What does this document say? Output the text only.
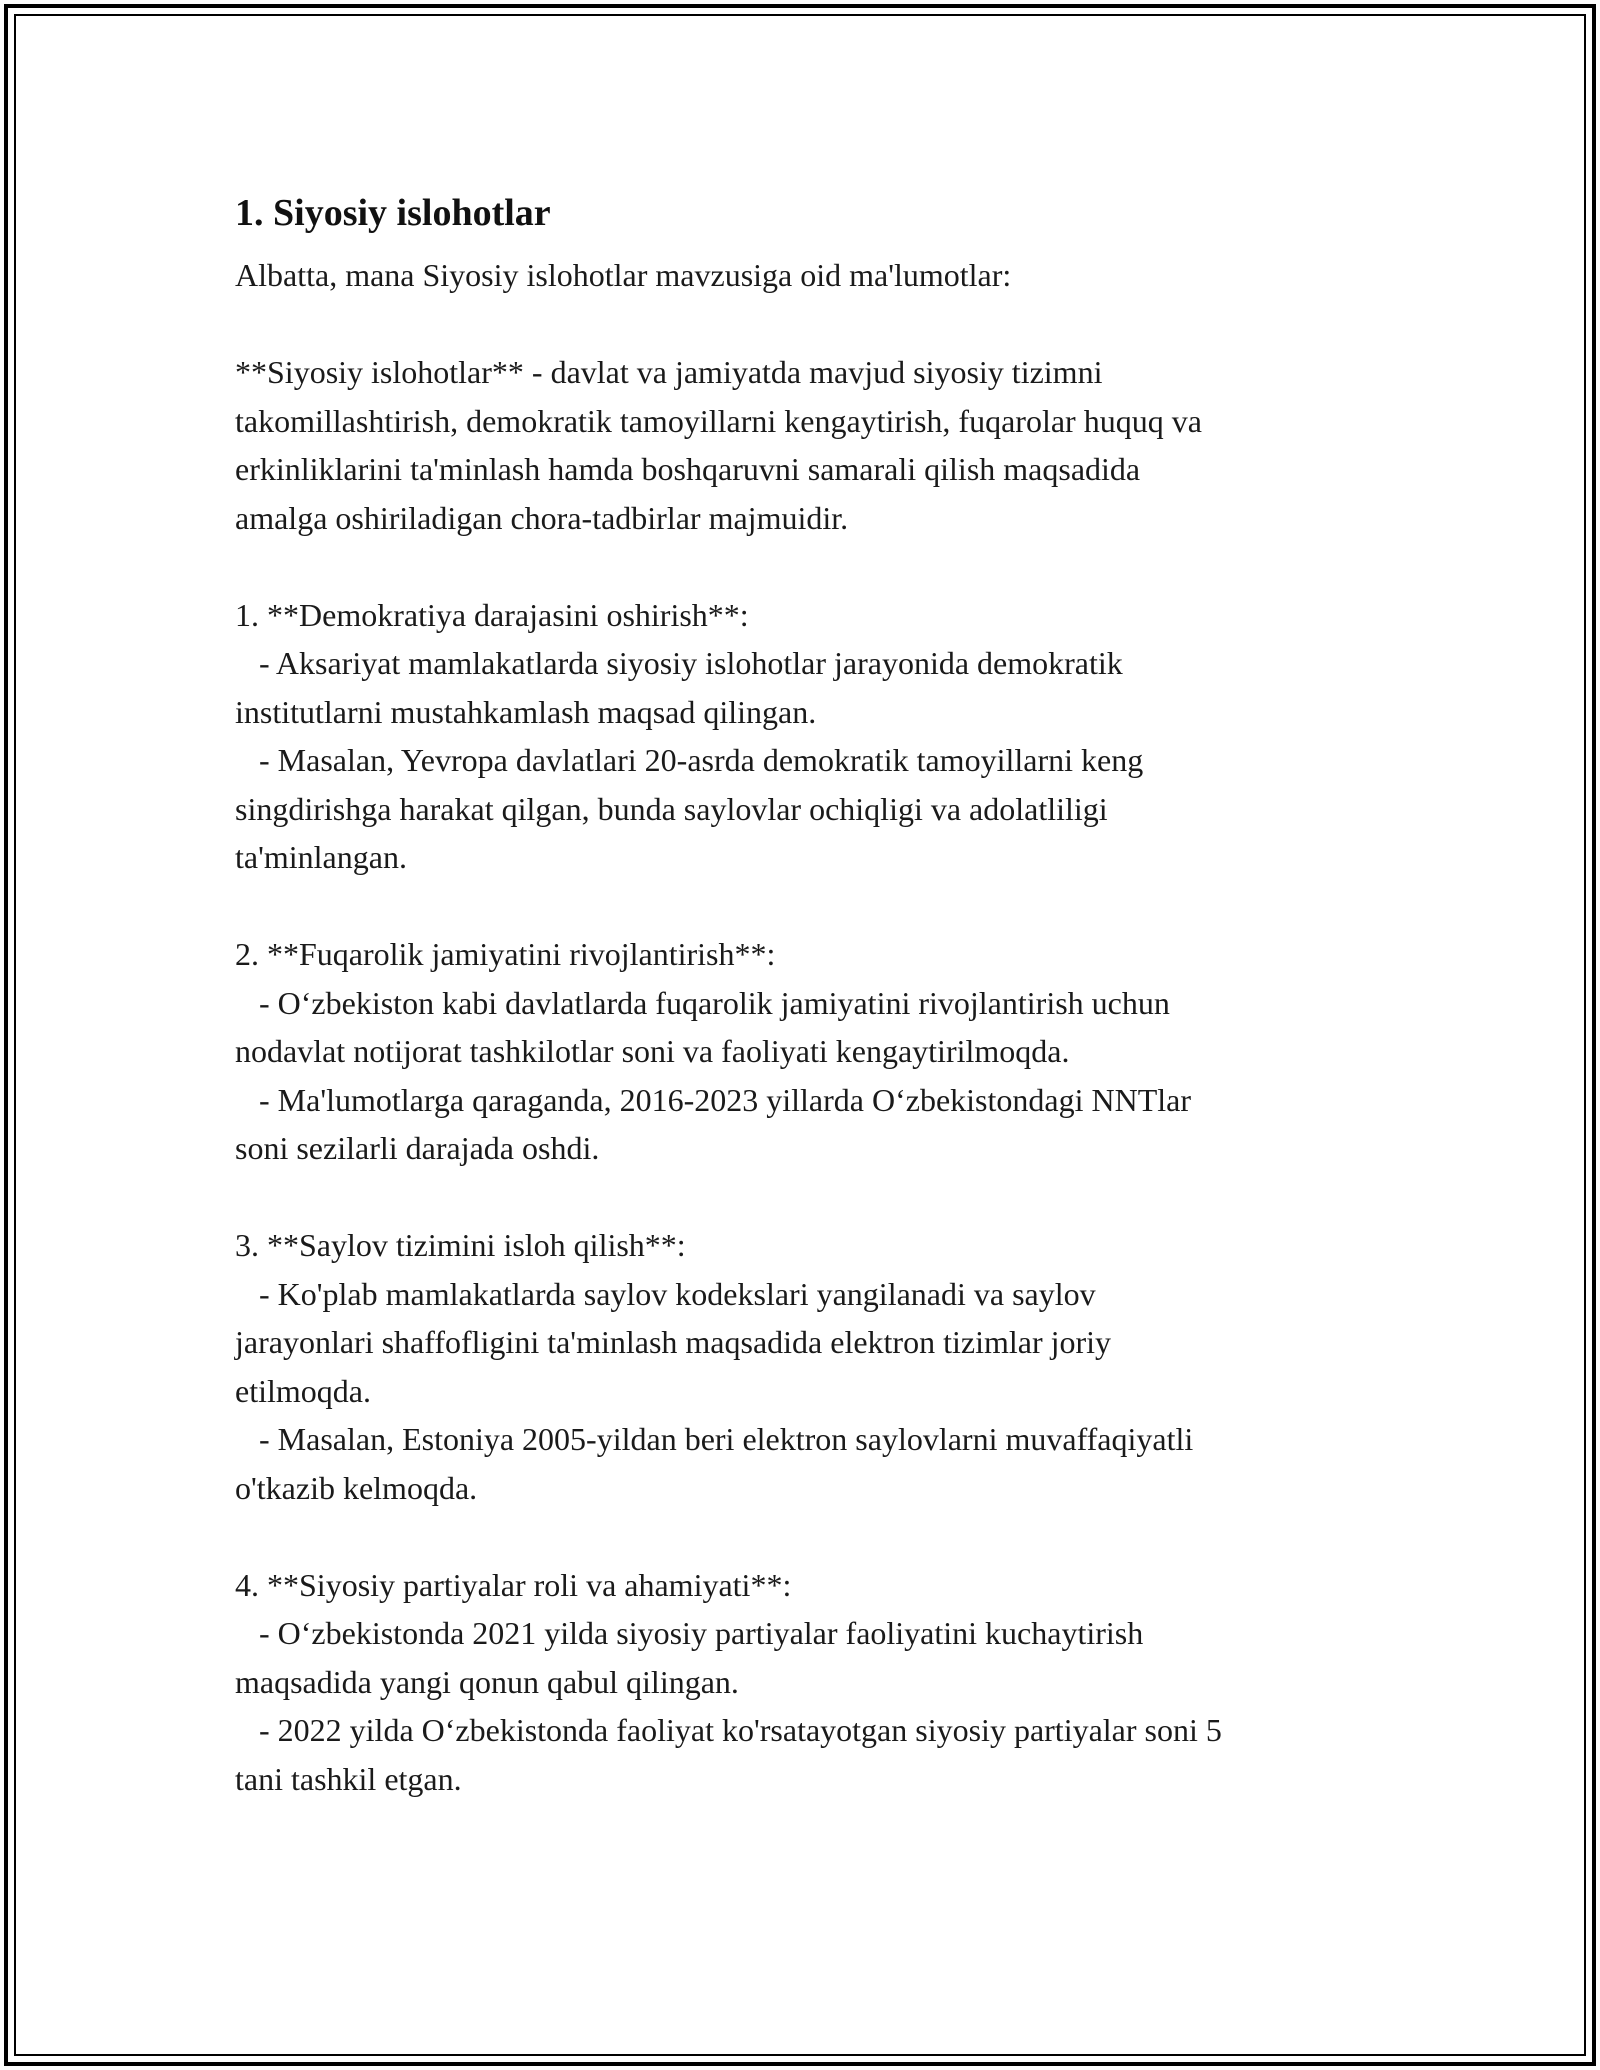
1. Siyosiy islohotlar

Albatta, mana Siyosiy islohotlar mavzusiga oid ma'lumotlar:

**Siyosiy islohotlar** - davlat va jamiyatda mavjud siyosiy tizimni
takomillashtirish, demokratik tamoyillarni kengaytirish, fuqarolar huquq va
erkinliklarini ta'minlash hamda boshqaruvni samarali qilish maqsadida
amalga oshiriladigan chora-tadbirlar majmuidir.

1. **Demokratiya darajasini oshirish**:
- Aksariyat mamlakatlarda siyosiy islohotlar jarayonida demokratik
institutlarni mustahkamlash maqsad qilingan.
- Masalan, Yevropa davlatlari 20-asrda demokratik tamoyillarni keng
singdirishga harakat qilgan, bunda saylovlar ochiqligi va adolatliligi
ta'minlangan.

2. **Fuqarolik jamiyatini rivojlantirish**:
- O‘zbekiston kabi davlatlarda fuqarolik jamiyatini rivojlantirish uchun
nodavlat notijorat tashkilotlar soni va faoliyati kengaytirilmoqda.
- Ma'lumotlarga qaraganda, 2016-2023 yillarda O‘zbekistondagi NNTlar
soni sezilarli darajada oshdi.

3. **Saylov tizimini isloh qilish**:
- Ko'plab mamlakatlarda saylov kodekslari yangilanadi va saylov
jarayonlari shaffofligini ta'minlash maqsadida elektron tizimlar joriy
etilmoqda.
- Masalan, Estoniya 2005-yildan beri elektron saylovlarni muvaffaqiyatli
o'tkazib kelmoqda.

4. **Siyosiy partiyalar roli va ahamiyati**:
- O‘zbekistonda 2021 yilda siyosiy partiyalar faoliyatini kuchaytirish
maqsadida yangi qonun qabul qilingan.
- 2022 yilda O‘zbekistonda faoliyat ko'rsatayotgan siyosiy partiyalar soni 5
tani tashkil etgan.
